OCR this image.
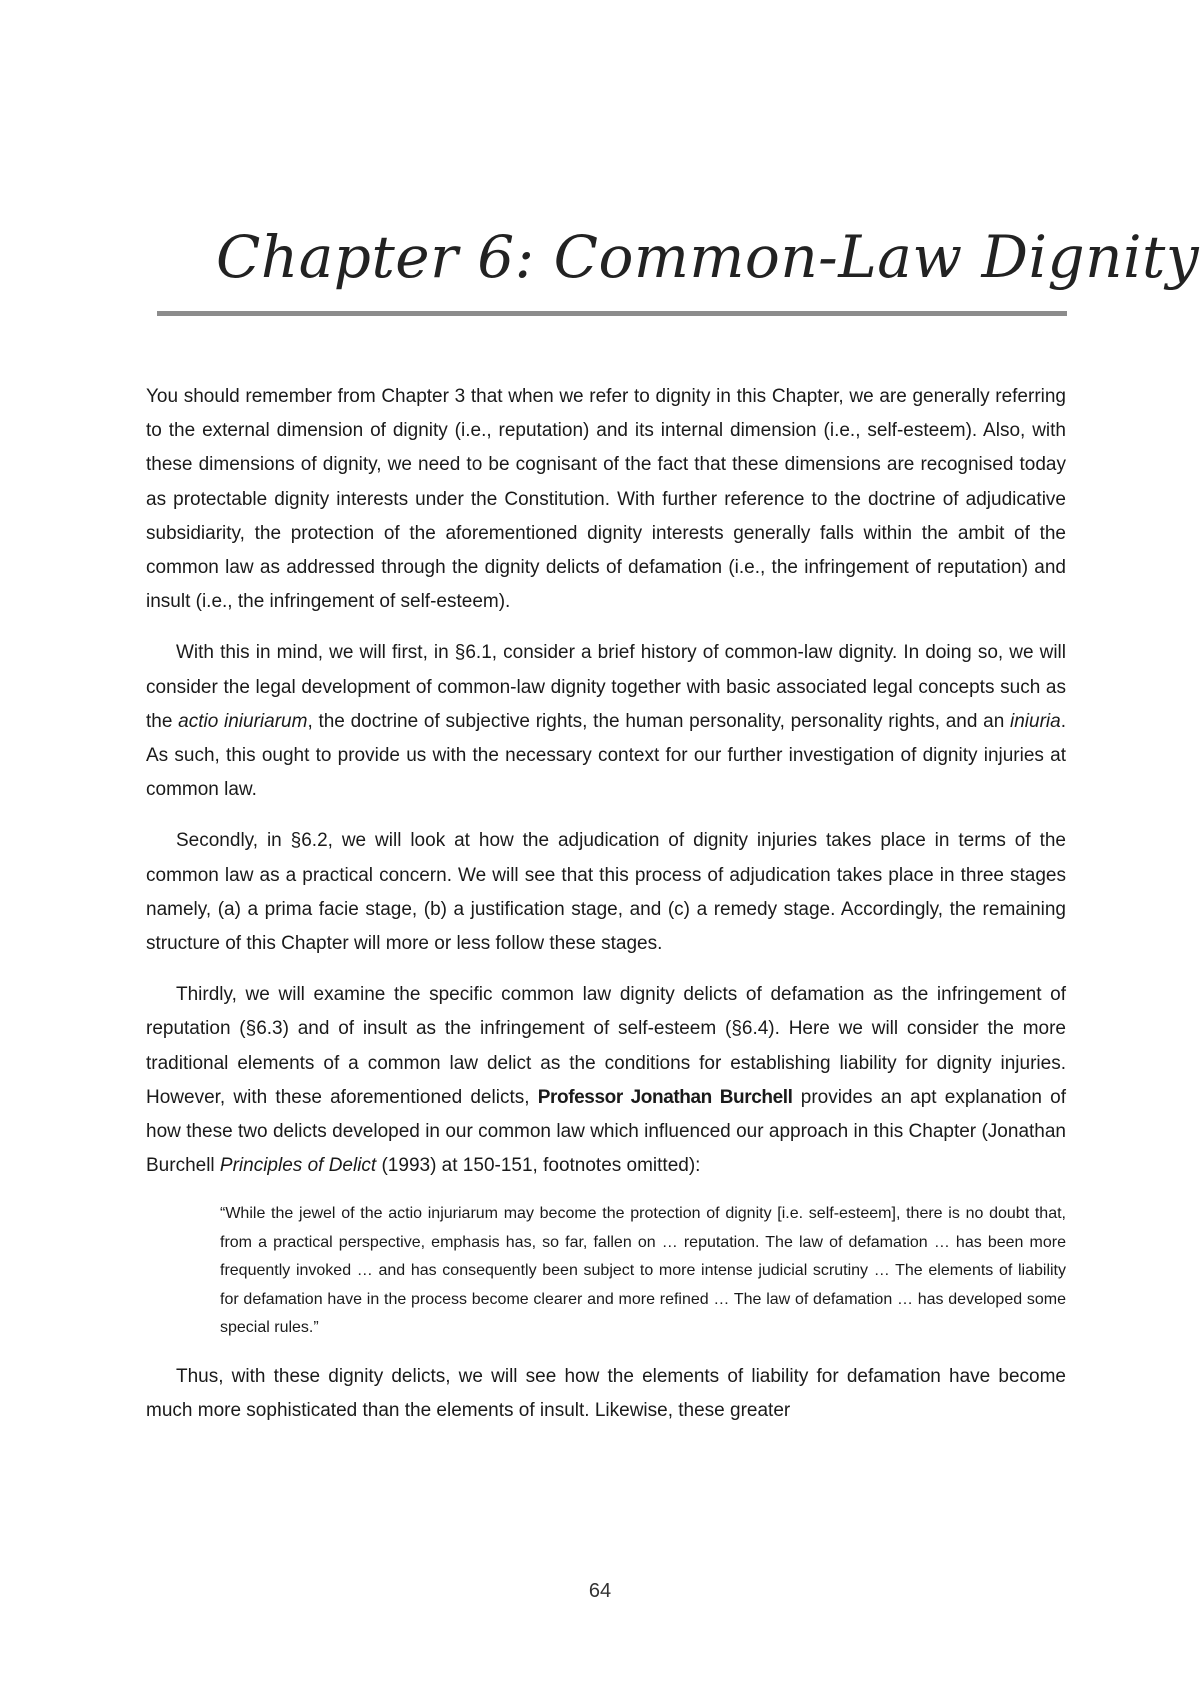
Chapter 6: Common-Law Dignity

You should remember from Chapter 3 that when we refer to dignity in this Chapter, we are generally referring to the external dimension of dignity (i.e., reputation) and its internal dimension (i.e., self-esteem). Also, with these dimensions of dignity, we need to be cognisant of the fact that these dimensions are recognised today as protectable dignity interests under the Constitution. With further reference to the doctrine of adjudicative subsidiarity, the protection of the aforementioned dignity interests generally falls within the ambit of the common law as addressed through the dignity delicts of defamation (i.e., the infringement of reputation) and insult (i.e., the infringement of self-esteem).

With this in mind, we will first, in §6.1, consider a brief history of common-law dignity. In doing so, we will consider the legal development of common-law dignity together with basic associated legal concepts such as the actio iniuriarum, the doctrine of subjective rights, the human personality, personality rights, and an iniuria. As such, this ought to provide us with the necessary context for our further investigation of dignity injuries at common law.

Secondly, in §6.2, we will look at how the adjudication of dignity injuries takes place in terms of the common law as a practical concern. We will see that this process of adjudication takes place in three stages namely, (a) a prima facie stage, (b) a justification stage, and (c) a remedy stage. Accordingly, the remaining structure of this Chapter will more or less follow these stages.

Thirdly, we will examine the specific common law dignity delicts of defamation as the infringement of reputation (§6.3) and of insult as the infringement of self-esteem (§6.4). Here we will consider the more traditional elements of a common law delict as the conditions for establishing liability for dignity injuries. However, with these aforementioned delicts, Professor Jonathan Burchell provides an apt explanation of how these two delicts developed in our common law which influenced our approach in this Chapter (Jonathan Burchell Principles of Delict (1993) at 150-151, footnotes omitted):

“While the jewel of the actio injuriarum may become the protection of dignity [i.e. self-esteem], there is no doubt that, from a practical perspective, emphasis has, so far, fallen on … reputation. The law of defamation … has been more frequently invoked … and has consequently been subject to more intense judicial scrutiny … The elements of liability for defamation have in the process become clearer and more refined … The law of defamation … has developed some special rules.”

Thus, with these dignity delicts, we will see how the elements of liability for defamation have become much more sophisticated than the elements of insult. Likewise, these greater

64
